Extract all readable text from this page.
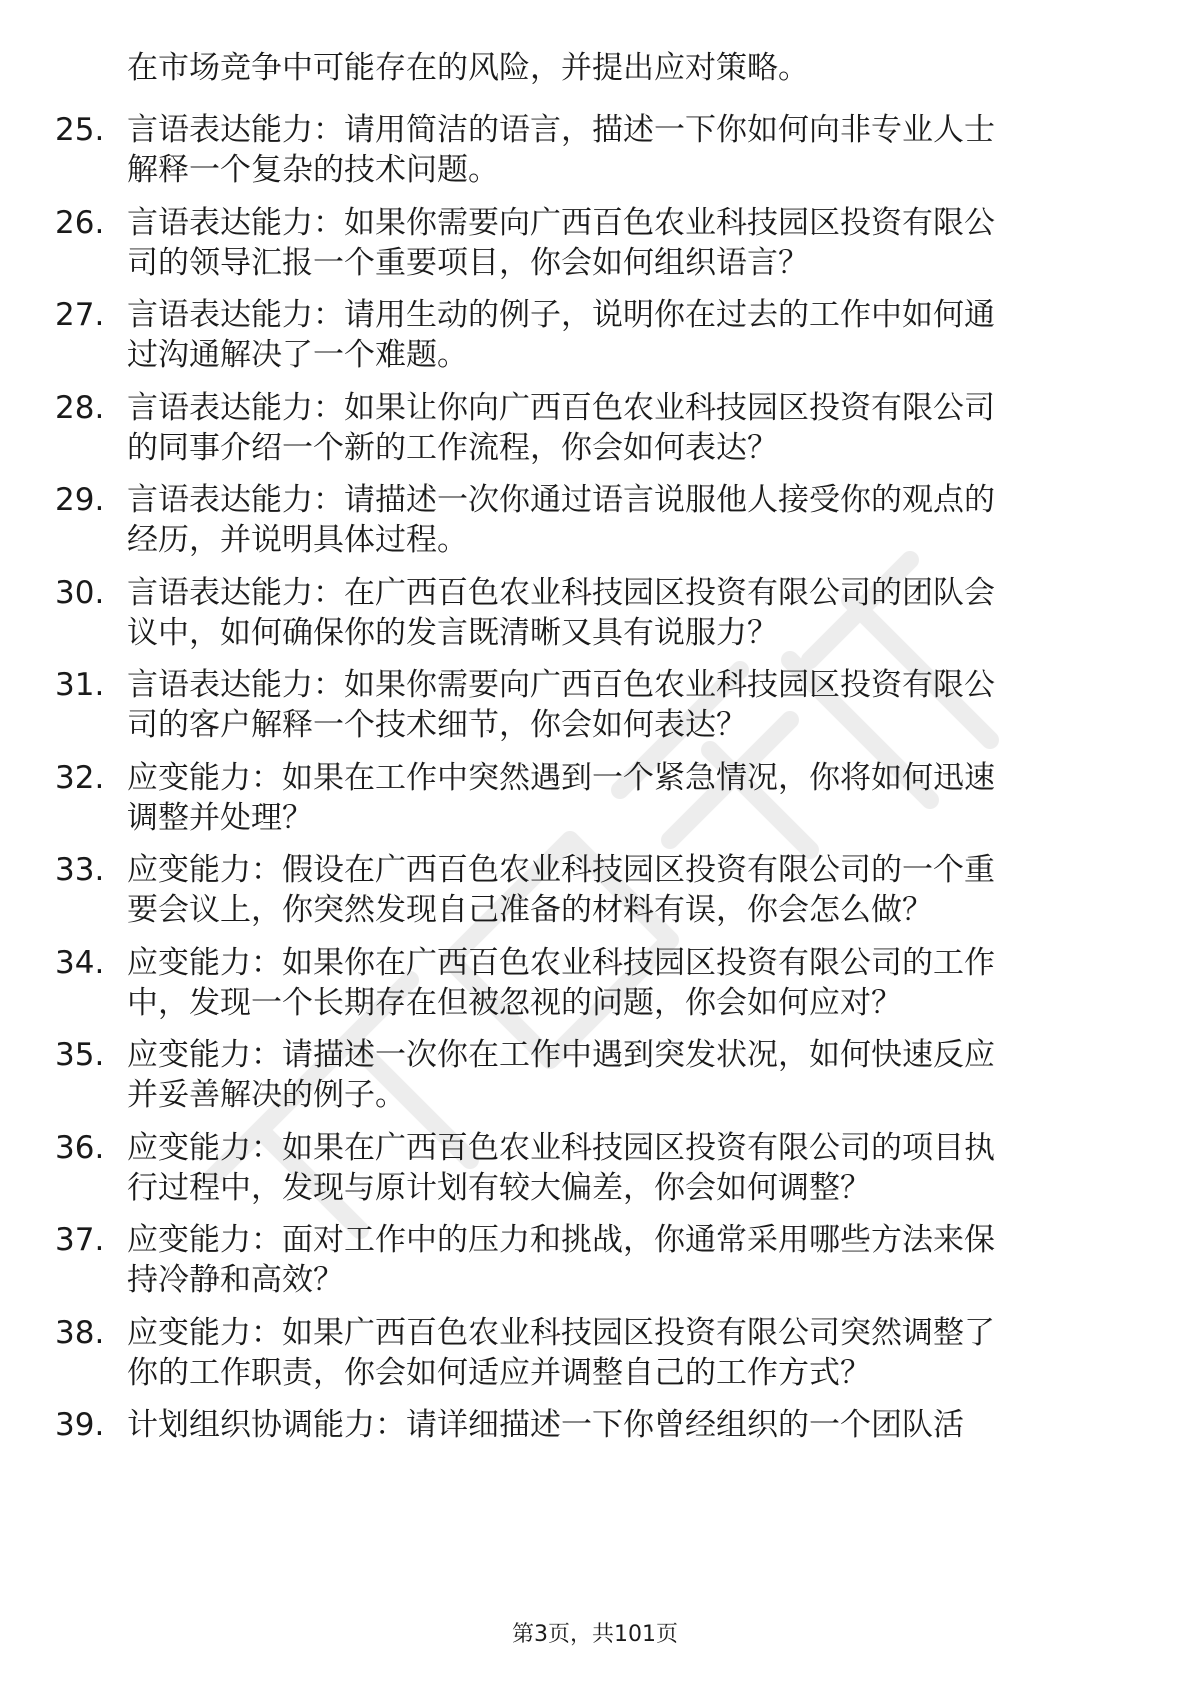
在市场竞争中可能存在的风险，并提出应对策略。
25. 言语表达能力：请用简洁的语言，描述一下你如何向非专业人士
解释一个复杂的技术问题。
26. 言语表达能力：如果你需要向广西百色农业科技园区投资有限公
司的领导汇报一个重要项目，你会如何组织语言？
27. 言语表达能力：请用生动的例子，说明你在过去的工作中如何通
过沟通解决了一个难题。
28. 言语表达能力：如果让你向广西百色农业科技园区投资有限公司
的同事介绍一个新的工作流程，你会如何表达？
29. 言语表达能力：请描述一次你通过语言说服他人接受你的观点的
经历，并说明具体过程。
30. 言语表达能力：在广西百色农业科技园区投资有限公司的团队会
议中，如何确保你的发言既清晰又具有说服力？
31. 言语表达能力：如果你需要向广西百色农业科技园区投资有限公
司的客户解释一个技术细节，你会如何表达？
32. 应变能力：如果在工作中突然遇到一个紧急情况，你将如何迅速
调整并处理？
33. 应变能力：假设在广西百色农业科技园区投资有限公司的一个重
要会议上，你突然发现自己准备的材料有误，你会怎么做？
34. 应变能力：如果你在广西百色农业科技园区投资有限公司的工作
中，发现一个长期存在但被忽视的问题，你会如何应对？
35. 应变能力：请描述一次你在工作中遇到突发状况，如何快速反应
并妥善解决的例子。
36. 应变能力：如果在广西百色农业科技园区投资有限公司的项目执
行过程中，发现与原计划有较大偏差，你会如何调整？
37. 应变能力：面对工作中的压力和挑战，你通常采用哪些方法来保
持冷静和高效？
38. 应变能力：如果广西百色农业科技园区投资有限公司突然调整了
你的工作职责，你会如何适应并调整自己的工作方式？
39. 计划组织协调能力：请详细描述一下你曾经组织的一个团队活
第3页，共101页
